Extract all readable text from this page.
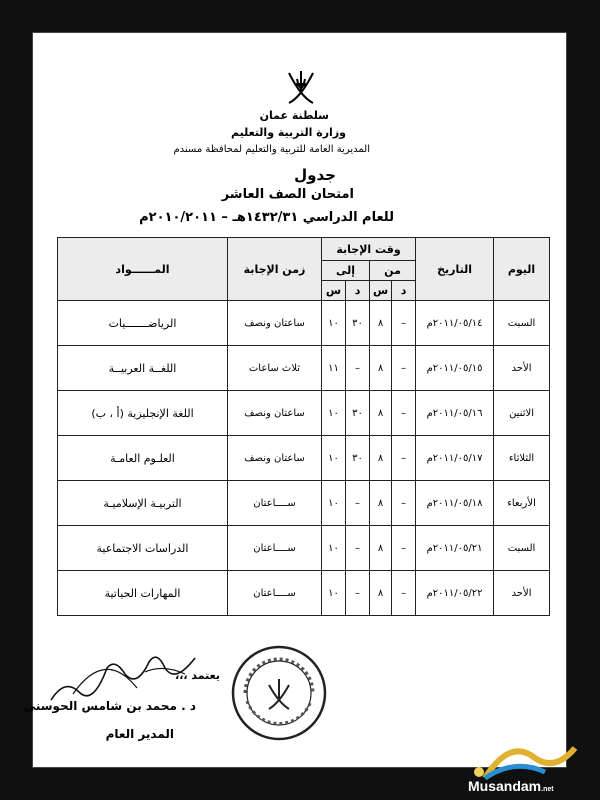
سلطنة عمان
وزارة التربية والتعليم
المديرية العامة للتربية والتعليم لمحافظة مسندم
جدول
امتحان الصف العاشر
للعام الدراسي ١٤٣٢/٣١هـ – ٢٠١٠/٢٠١١م
اليوم	التاريخ	وقت الإجابة				زمن الإجابة	المــــــواد
		من		إلى			
		د	س	د	س		
السبت	٢٠١١/٠٥/١٤م	–	٨	٣٠	١٠	ساعتان ونصف	الرياضـــــــيات
الأحد	٢٠١١/٠٥/١٥م	–	٨	–	١١	ثلاث ساعات	اللغــة العربيــة
الاثنين	٢٠١١/٠٥/١٦م	–	٨	٣٠	١٠	ساعتان ونصف	اللغة الإنجليزية (أ ، ب)
الثلاثاء	٢٠١١/٠٥/١٧م	–	٨	٣٠	١٠	ساعتان ونصف	العلـوم العامـة
الأربعاء	٢٠١١/٠٥/١٨م	–	٨	–	١٠	ســــاعتان	التربيـة الإسلاميـة
السبت	٢٠١١/٠٥/٢١م	–	٨	–	١٠	ســــاعتان	الدراسات الاجتماعية
الأحد	٢٠١١/٠٥/٢٢م	–	٨	–	١٠	ســــاعتان	المهارات الحياتية
يعتمد ،،،
د . محمد بن شامس الحوسني
المدير العام
Musandam.net
